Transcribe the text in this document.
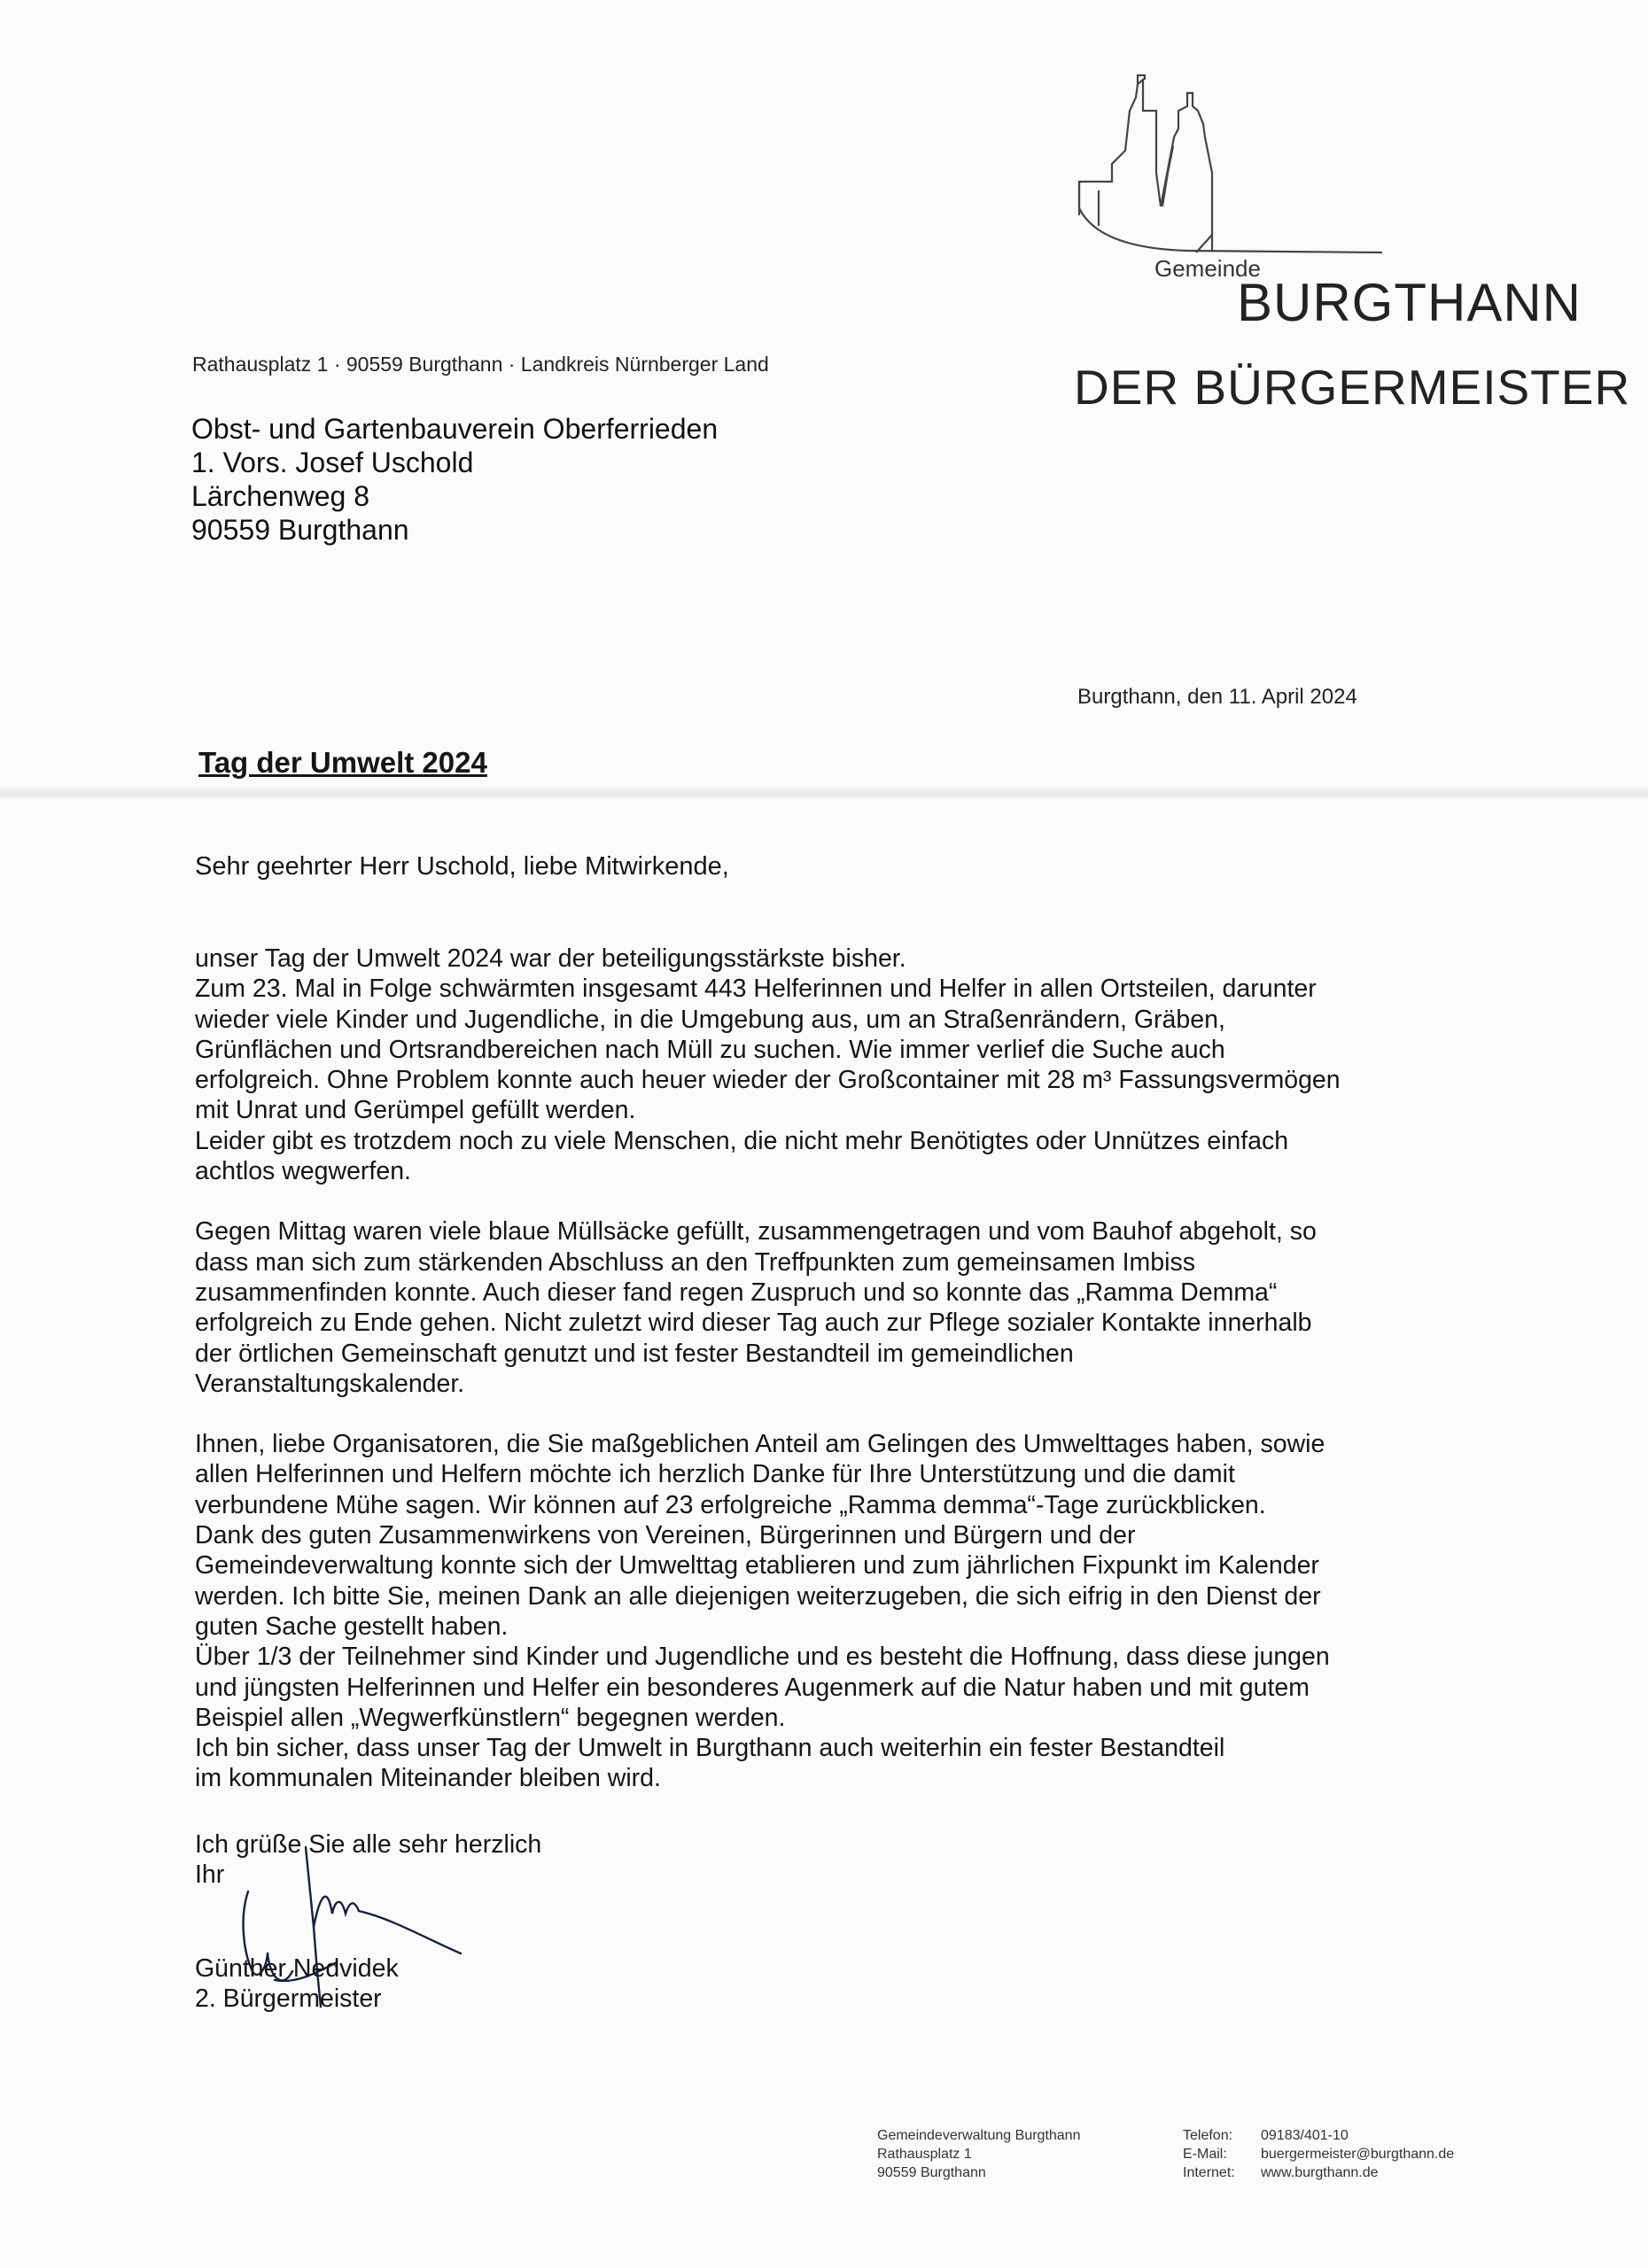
Gemeinde
BURGTHANN
DER BÜRGERMEISTER
Rathausplatz 1 · 90559 Burgthann · Landkreis Nürnberger Land
Obst- und Gartenbauverein Oberferrieden
1. Vors. Josef Uschold
Lärchenweg 8
90559 Burgthann
Burgthann, den 11. April 2024
Tag der Umwelt 2024
Sehr geehrter Herr Uschold, liebe Mitwirkende,

unser Tag der Umwelt 2024 war der beteiligungsstärkste bisher.

Zum 23. Mal in Folge schwärmten insgesamt 443 Helferinnen und Helfer in allen Ortsteilen, darunter

wieder viele Kinder und Jugendliche, in die Umgebung aus, um an Straßenrändern, Gräben,

Grünflächen und Ortsrandbereichen nach Müll zu suchen. Wie immer verlief die Suche auch

erfolgreich. Ohne Problem konnte auch heuer wieder der Großcontainer mit 28 m³ Fassungsvermögen

mit Unrat und Gerümpel gefüllt werden.

Leider gibt es trotzdem noch zu viele Menschen, die nicht mehr Benötigtes oder Unnützes einfach

achtlos wegwerfen.

Gegen Mittag waren viele blaue Müllsäcke gefüllt, zusammengetragen und vom Bauhof abgeholt, so

dass man sich zum stärkenden Abschluss an den Treffpunkten zum gemeinsamen Imbiss

zusammenfinden konnte. Auch dieser fand regen Zuspruch und so konnte das „Ramma Demma“

erfolgreich zu Ende gehen. Nicht zuletzt wird dieser Tag auch zur Pflege sozialer Kontakte innerhalb

der örtlichen Gemeinschaft genutzt und ist fester Bestandteil im gemeindlichen

Veranstaltungskalender.

Ihnen, liebe Organisatoren, die Sie maßgeblichen Anteil am Gelingen des Umwelttages haben, sowie

allen Helferinnen und Helfern möchte ich herzlich Danke für Ihre Unterstützung und die damit

verbundene Mühe sagen. Wir können auf 23 erfolgreiche „Ramma demma“-Tage zurückblicken.

Dank des guten Zusammenwirkens von Vereinen, Bürgerinnen und Bürgern und der

Gemeindeverwaltung konnte sich der Umwelttag etablieren und zum jährlichen Fixpunkt im Kalender

werden. Ich bitte Sie, meinen Dank an alle diejenigen weiterzugeben, die sich eifrig in den Dienst der

guten Sache gestellt haben.

Über 1/3 der Teilnehmer sind Kinder und Jugendliche und es besteht die Hoffnung, dass diese jungen

und jüngsten Helferinnen und Helfer ein besonderes Augenmerk auf die Natur haben und mit gutem

Beispiel allen „Wegwerfkünstlern“ begegnen werden.

Ich bin sicher, dass unser Tag der Umwelt in Burgthann auch weiterhin ein fester Bestandteil

im kommunalen Miteinander bleiben wird.

Ich grüße Sie alle sehr herzlich

Ihr

Günther Nedvidek

2. Bürgermeister

Gemeindeverwaltung Burgthann

Rathausplatz 1

90559 Burgthann

Telefon:

E-Mail:

Internet:

09183/401-10

buergermeister@burgthann.de

www.burgthann.de
